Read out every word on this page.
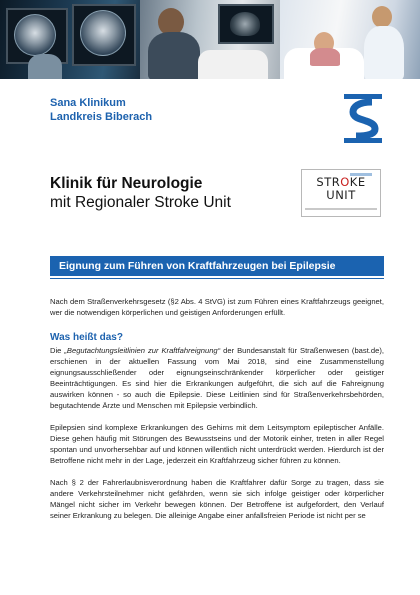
Sana Klinikum
Landkreis Biberach
Klinik für Neurologie
mit Regionaler Stroke Unit
STROKE
UNIT
Eignung zum Führen von Kraftfahrzeugen bei Epilepsie

Nach dem Straßenverkehrsgesetz (§2 Abs. 4 StVG) ist zum Führen eines Kraftfahrzeugs geeignet, wer die notwendigen körperlichen und geistigen Anforderungen erfüllt.

Was heißt das?

Die „Begutachtungsleitlinien zur Kraftfahreignung“ der Bundesanstalt für Straßenwesen (bast.de), erschienen in der aktuellen Fassung vom Mai 2018, sind eine Zusammenstellung eignungsausschließender oder eignungseinschränkender körperlicher oder geistiger Beeinträchtigungen. Es sind hier die Erkrankungen aufgeführt, die sich auf die Fahreignung auswirken können - so auch die Epilepsie. Diese Leitlinien sind für Straßenverkehrsbehörden, begutachtende Ärzte und Menschen mit Epilepsie verbindlich.

Epilepsien sind komplexe Erkrankungen des Gehirns mit dem Leitsymptom epileptischer Anfälle. Diese gehen häufig mit Störungen des Bewusstseins und der Motorik einher, treten in aller Regel spontan und unvorhersehbar auf und können willentlich nicht unterdrückt werden. Hierdurch ist der Betroffene nicht mehr in der Lage, jederzeit ein Kraftfahrzeug sicher führen zu können.

Nach § 2 der Fahrerlaubnisverordnung haben die Kraftfahrer dafür Sorge zu tragen, dass sie andere Verkehrsteilnehmer nicht gefährden, wenn sie sich infolge geistiger oder körperlicher Mängel nicht sicher im Verkehr bewegen können. Der Betroffene ist aufgefordert, den Verlauf seiner Erkrankung zu belegen. Die alleinige Angabe einer anfallsfreien Periode ist nicht per se
